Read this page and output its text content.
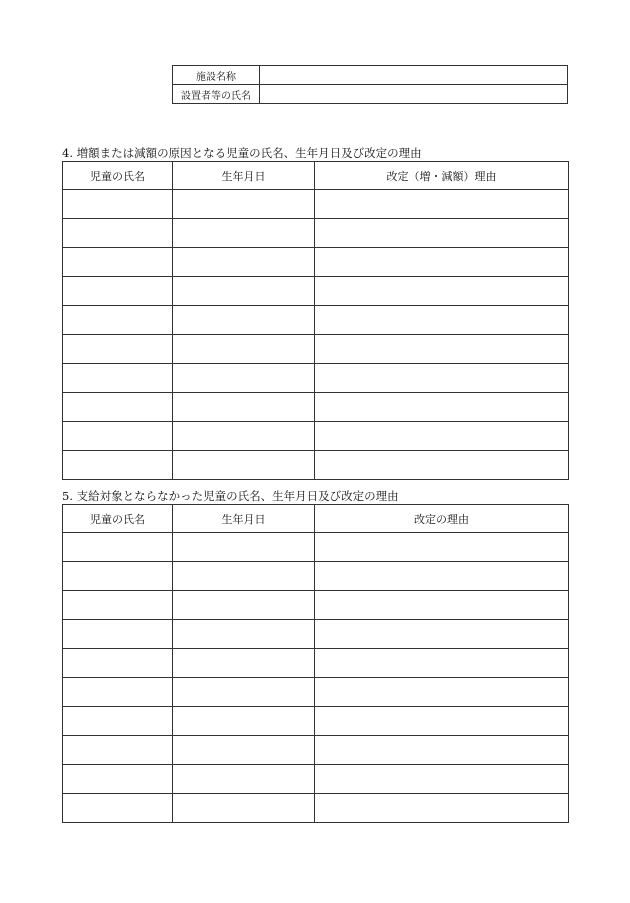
施設名称	
設置者等の氏名	
4. 増額または減額の原因となる児童の氏名、生年月日及び改定の理由
児童の氏名	生年月日	改定（増・減額）理由

5. 支給対象とならなかった児童の氏名、生年月日及び改定の理由
児童の氏名	生年月日	改定の理由
